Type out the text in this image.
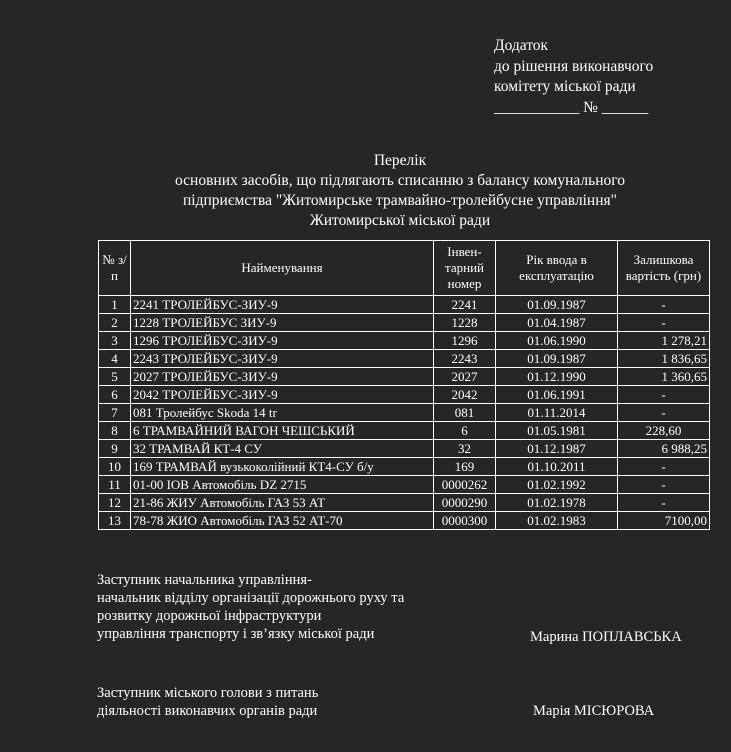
Додаток
до рішення виконавчого
комітету міської ради
___________ № ______
Перелік
основних засобів, що підлягають списанню з балансу комунального
підприємства "Житомирське трамвайно-тролейбусне управління"
Житомирської міської ради
№ з/п	Найменування	Інвен-тарний номер	Рік ввода в експлуатацію	Залишкова вартість (грн)
1	2241 ТРОЛЕЙБУС-ЗИУ-9	2241	01.09.1987	-
2	1228 ТРОЛЕЙБУС ЗИУ-9	1228	01.04.1987	-
3	1296 ТРОЛЕЙБУС-ЗИУ-9	1296	01.06.1990	1 278,21
4	2243 ТРОЛЕЙБУС-ЗИУ-9	2243	01.09.1987	1 836,65
5	2027 ТРОЛЕЙБУС-ЗИУ-9	2027	01.12.1990	1 360,65
6	2042 ТРОЛЕЙБУС-ЗИУ-9	2042	01.06.1991	-
7	081 Тролейбус Skoda 14 tr	081	01.11.2014	-
8	6 ТРАМВАЙНИЙ ВАГОН ЧЕШСЬКИЙ	6	01.05.1981	228,60
9	32 ТРАМВАЙ КТ-4 СУ	32	01.12.1987	6 988,25
10	169 ТРАМВАЙ вузькоколійний КТ4-СУ б/у	169	01.10.2011	-
11	01-00 ІОВ Автомобіль DZ 2715	0000262	01.02.1992	-
12	21-86 ЖИУ Автомобіль ГАЗ 53 АТ	0000290	01.02.1978	-
13	78-78 ЖИО Автомобіль ГАЗ 52 АТ-70	0000300	01.02.1983	7100,00
Заступник начальника управління-
начальник відділу організації дорожнього руху та
розвитку дорожньої інфраструктури
управління транспорту і зв’язку міської ради	Марина ПОПЛАВСЬКА
Заступник міського голови з питань
діяльності виконавчих органів ради	Марія МІСЮРОВА
